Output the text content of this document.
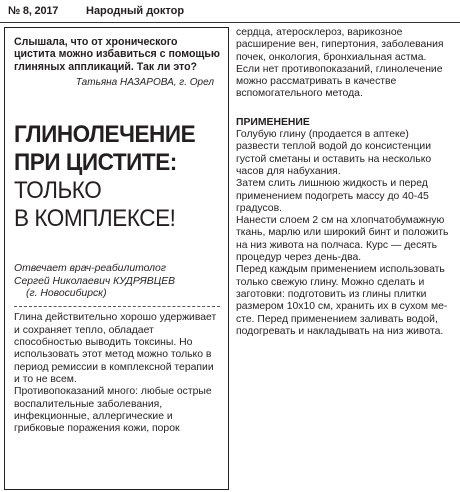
№ 8, 2017	Народный доктор

Слышала, что от хронического цистита можно избавиться с помощью глиняных аппликаций. Так ли это?

Татьяна НАЗАРОВА, г. Орел
ГЛИНОЛЕЧЕНИЕ
ПРИ ЦИСТИТЕ:
ТОЛЬКО
В КОМПЛЕКСЕ!
Отвечает врач-реабилитолог
Сергей Николаевич КУДРЯВЦЕВ
(г. Новосибирск)

Глина действительно хорошо удерживает и сохраняет тепло, обладает способностью выводить токсины. Но использовать этот метод можно только в период ремиссии в комплексной терапии и то не всем.

Противопоказаний много: любые острые воспалительные заболевания, инфекционные, аллергические и грибковые поражения кожи, порок

сердца, атеросклероз, варикозное расширение вен, гипертония, заболевания почек, онкология, бронхиальная астма.

Если нет противопоказаний, глинолечение можно рассматривать в качестве вспомогательного метода.

ПРИМЕНЕНИЕ

Голубую глину (продается в аптеке) развести теплой водой до консистенции густой сметаны и оставить на несколько часов для набухания.

Затем слить лишнюю жидкость и перед применением подогреть массу до 40-45 градусов.

Нанести слоем 2 см на хлопчатобумажную ткань, марлю или широкий бинт и положить на низ живота на полчаса. Курс — десять процедур через день-два.

Перед каждым применением использовать только свежую глину. Можно сделать и заготовки: подготовить из глины плитки размером 10х10 см, хранить их в сухом месте. Перед применением заливать водой, подогревать и накладывать на низ живота.
